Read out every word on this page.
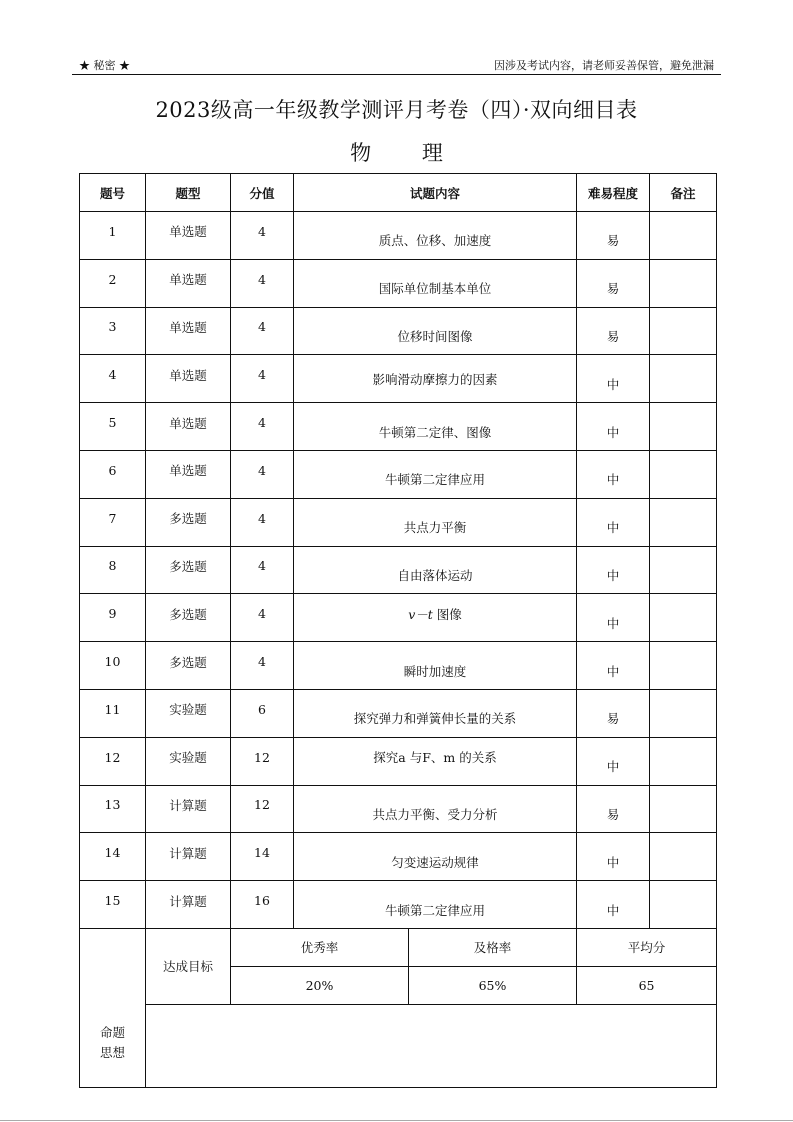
★ 秘密 ★	因涉及考试内容，请老师妥善保管，避免泄漏
2023级高一年级教学测评月考卷（四）·双向细目表
物 理
题号	题型	分值	试题内容		难易程度	备注
1	单选题	4	质点、位移、加速度		易	
2	单选题	4	国际单位制基本单位		易	
3	单选题	4	位移时间图像		易	
4	单选题	4	影响滑动摩擦力的因素		中	
5	单选题	4	牛顿第二定律、图像		中	
6	单选题	4	牛顿第二定律应用		中	
7	多选题	4	共点力平衡		中	
8	多选题	4	自由落体运动		中	
9	多选题	4	v－t 图像		中	
10	多选题	4	瞬时加速度		中	
11	实验题	6	探究弹力和弹簧伸长量的关系		易	
12	实验题	12	探究a 与F、m 的关系		中	
13	计算题	12	共点力平衡、受力分析		易	
14	计算题	14	匀变速运动规律		中	
15	计算题	16	牛顿第二定律应用		中	
命题思想	达成目标	优秀率		及格率	平均分	
		20%		65%	65	
